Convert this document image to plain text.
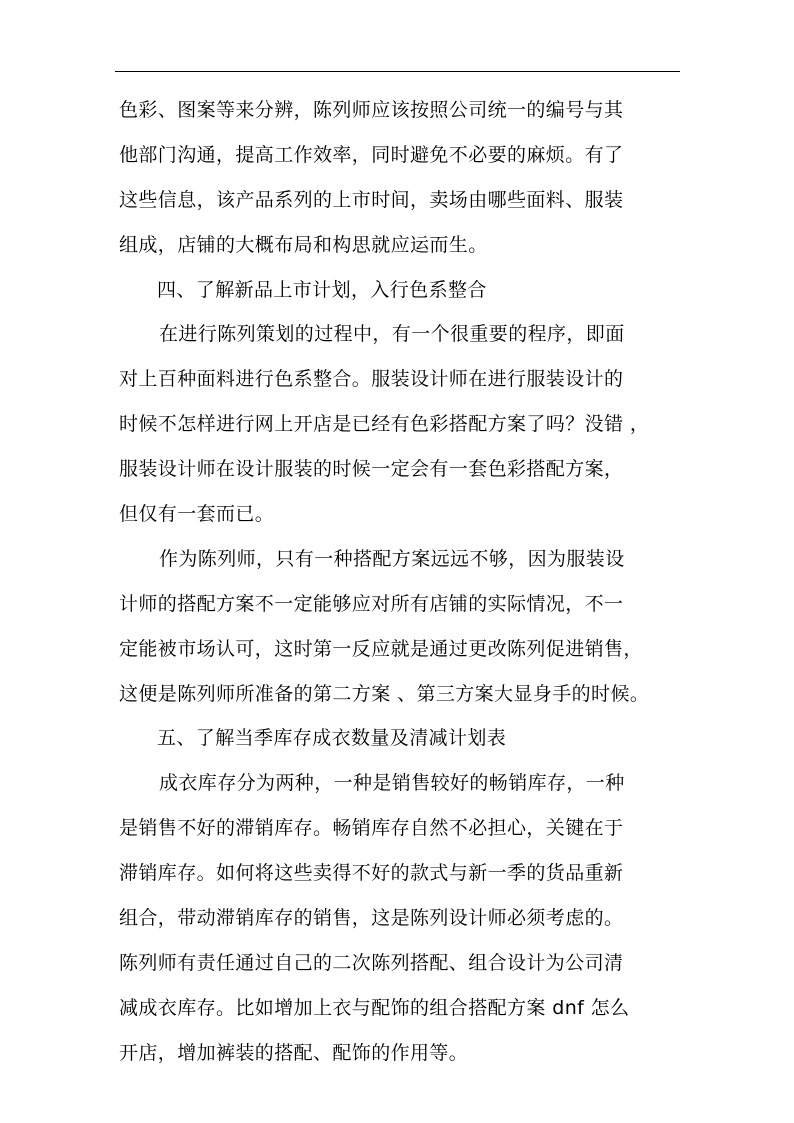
色彩、图案等来分辨，陈列师应该按照公司统一的编号与其
他部门沟通，提高工作效率，同时避免不必要的麻烦。有了
这些信息，该产品系列的上市时间，卖场由哪些面料、服装
组成，店铺的大概布局和构思就应运而生。
四、了解新品上市计划，入行色系整合
在进行陈列策划的过程中，有一个很重要的程序，即面
对上百种面料进行色系整合。服装设计师在进行服装设计的
时候不怎样进行网上开店是已经有色彩搭配方案了吗？没错 ，
服装设计师在设计服装的时候一定会有一套色彩搭配方案，
但仅有一套而已。
作为陈列师，只有一种搭配方案远远不够，因为服装设
计师的搭配方案不一定能够应对所有店铺的实际情况，不一
定能被市场认可，这时第一反应就是通过更改陈列促进销售，
这便是陈列师所准备的第二方案 、第三方案大显身手的时候。
五、了解当季库存成衣数量及清减计划表
成衣库存分为两种，一种是销售较好的畅销库存，一种
是销售不好的滞销库存。畅销库存自然不必担心，关键在于
滞销库存。如何将这些卖得不好的款式与新一季的货品重新
组合，带动滞销库存的销售，这是陈列设计师必须考虑的。
陈列师有责任通过自己的二次陈列搭配、组合设计为公司清
减成衣库存。比如增加上衣与配饰的组合搭配方案 dnf 怎么
开店，增加裤装的搭配、配饰的作用等。
